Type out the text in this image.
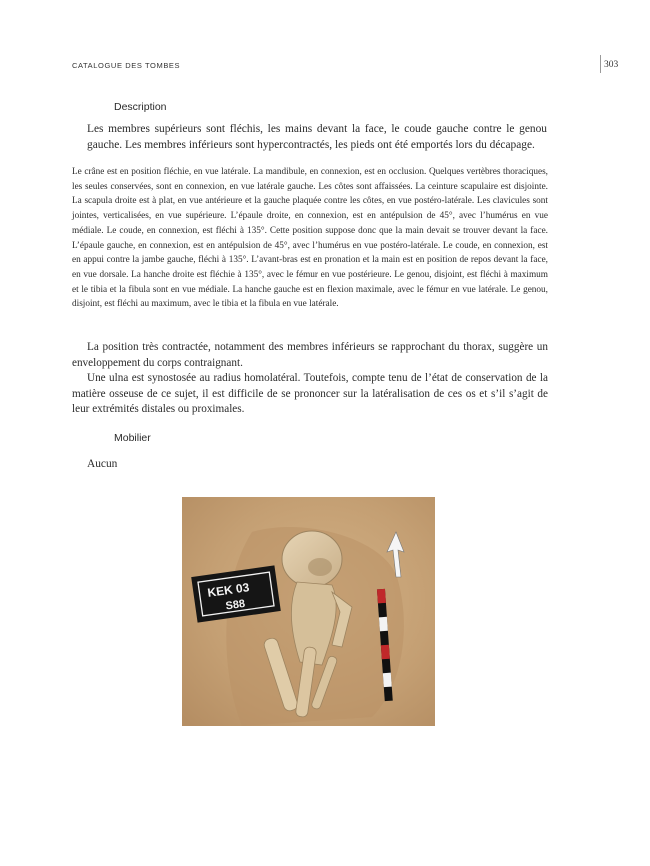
CATALOGUE DES TOMBES	303
Description

Les membres supérieurs sont fléchis, les mains devant la face, le coude gauche contre le genou gauche. Les membres inférieurs sont hypercontractés, les pieds ont été emportés lors du décapage.

Le crâne est en position fléchie, en vue latérale. La mandibule, en connexion, est en occlusion. Quelques vertèbres thoraciques, les seules conservées, sont en connexion, en vue latérale gauche. Les côtes sont affaissées. La ceinture scapulaire est disjointe. La scapula droite est à plat, en vue antérieure et la gauche plaquée contre les côtes, en vue postéro-latérale. Les clavicules sont jointes, verticalisées, en vue supérieure. L’épaule droite, en connexion, est en antépulsion de 45°, avec l’humérus en vue médiale. Le coude, en connexion, est fléchi à 135°. Cette position suppose donc que la main devait se trouver devant la face. L’épaule gauche, en connexion, est en antépulsion de 45°, avec l’humérus en vue postéro-latérale. Le coude, en connexion, est en appui contre la jambe gauche, fléchi à 135°. L’avant-bras est en pronation et la main est en position de repos devant la face, en vue dorsale. La hanche droite est fléchie à 135°, avec le fémur en vue postérieure. Le genou, disjoint, est fléchi à maximum et le tibia et la fibula sont en vue médiale. La hanche gauche est en flexion maximale, avec le fémur en vue latérale. Le genou, disjoint, est fléchi au maximum, avec le tibia et la fibula en vue latérale.

La position très contractée, notamment des membres inférieurs se rapprochant du thorax, suggère un enveloppement du corps contraignant.

Une ulna est synostosée au radius homolatéral. Toutefois, compte tenu de l’état de conservation de la matière osseuse de ce sujet, il est difficile de se prononcer sur la latéralisation de ces os et s’il s’agit de leur extrémités distales ou proximales.

Mobilier
Aucun
KEK 03
S88
